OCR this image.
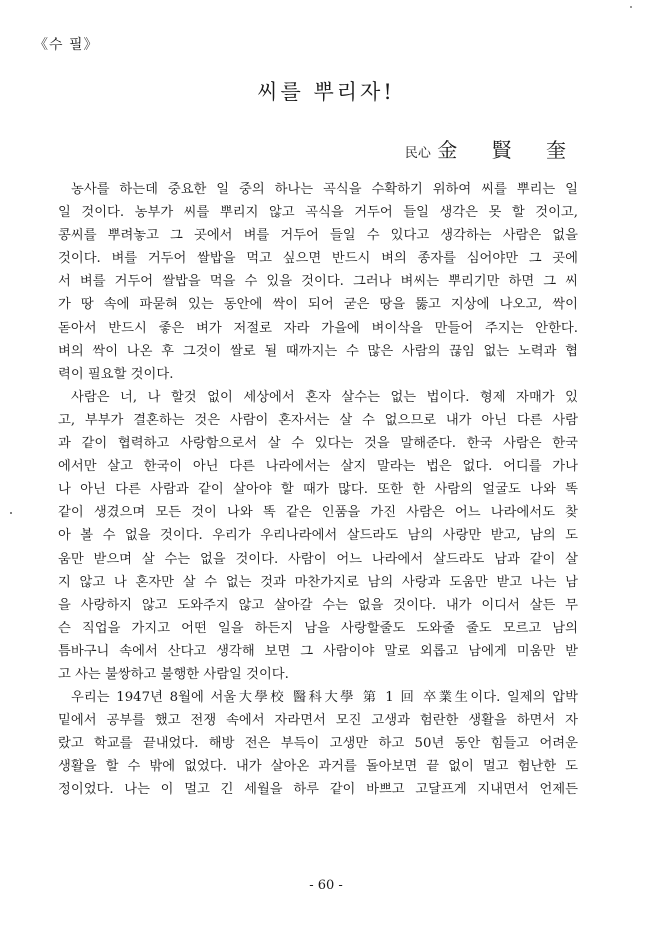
《수 필》
씨를 뿌리자!
民心 金 賢 奎
농사를 하는데 중요한 일 중의 하나는 곡식을 수확하기 위하여 씨를 뿌리는 일
일 것이다. 농부가 씨를 뿌리지 않고 곡식을 거두어 들일 생각은 못 할 것이고,
콩씨를 뿌려놓고 그 곳에서 벼를 거두어 들일 수 있다고 생각하는 사람은 없을
것이다. 벼를 거두어 쌀밥을 먹고 싶으면 반드시 벼의 종자를 심어야만 그 곳에
서 벼를 거두어 쌀밥을 먹을 수 있을 것이다. 그러나 벼씨는 뿌리기만 하면 그 씨
가 땅 속에 파묻혀 있는 동안에 싹이 되어 굳은 땅을 뚫고 지상에 나오고, 싹이
돋아서 반드시 좋은 벼가 저절로 자라 가을에 벼이삭을 만들어 주지는 안한다.
벼의 싹이 나온 후 그것이 쌀로 될 때까지는 수 많은 사람의 끊임 없는 노력과 협
력이 필요할 것이다.
사람은 너, 나 할것 없이 세상에서 혼자 살수는 없는 법이다. 형제 자매가 있
고, 부부가 결혼하는 것은 사람이 혼자서는 살 수 없으므로 내가 아닌 다른 사람
과 같이 협력하고 사랑함으로서 살 수 있다는 것을 말해준다. 한국 사람은 한국
에서만 살고 한국이 아닌 다른 나라에서는 살지 말라는 법은 없다. 어디를 가나
나 아닌 다른 사람과 같이 살아야 할 때가 많다. 또한 한 사람의 얼굴도 나와 똑
같이 생겼으며 모든 것이 나와 똑 같은 인품을 가진 사람은 어느 나라에서도 찾
아 볼 수 없을 것이다. 우리가 우리나라에서 살드라도 남의 사랑만 받고, 남의 도
움만 받으며 살 수는 없을 것이다. 사람이 어느 나라에서 살드라도 남과 같이 살
지 않고 나 혼자만 살 수 없는 것과 마찬가지로 남의 사랑과 도움만 받고 나는 남
을 사랑하지 않고 도와주지 않고 살아갈 수는 없을 것이다. 내가 이디서 살든 무
슨 직업을 가지고 어떤 일을 하든지 남을 사랑할줄도 도와줄 줄도 모르고 남의
틈바구니 속에서 산다고 생각해 보면 그 사람이야 말로 외롭고 남에게 미움만 받
고 사는 불쌍하고 불행한 사람일 것이다.
우리는 1947년 8월에 서울大學校 醫科大學 第 1 回 卒業生이다. 일제의 압박
밑에서 공부를 했고 전쟁 속에서 자라면서 모진 고생과 험란한 생활을 하면서 자
랐고 학교를 끝내었다. 해방 전은 부득이 고생만 하고 50년 동안 힘들고 어려운
생활을 할 수 밖에 없었다. 내가 살아온 과거를 돌아보면 끝 없이 멀고 험난한 도
정이었다. 나는 이 멀고 긴 세월을 하루 같이 바쁘고 고달프게 지내면서 언제든
- 60 -
